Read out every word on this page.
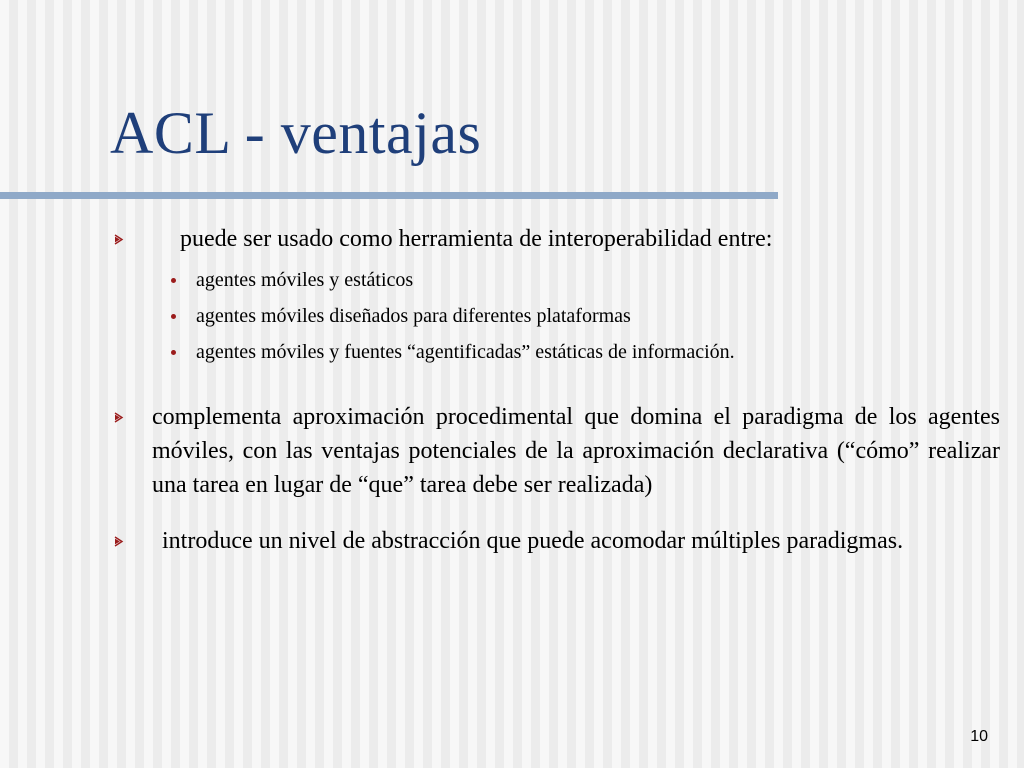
ACL - ventajas
puede ser usado como herramienta de interoperabilidad entre:
agentes móviles y estáticos
agentes móviles diseñados para diferentes plataformas
agentes móviles y fuentes “agentificadas” estáticas de información.
complementa aproximación procedimental que domina el paradigma de los agentes móviles, con las ventajas potenciales de la aproximación declarativa (“cómo” realizar una tarea en lugar de “que” tarea debe ser realizada)
introduce un nivel de abstracción que puede acomodar múltiples paradigmas.
10
